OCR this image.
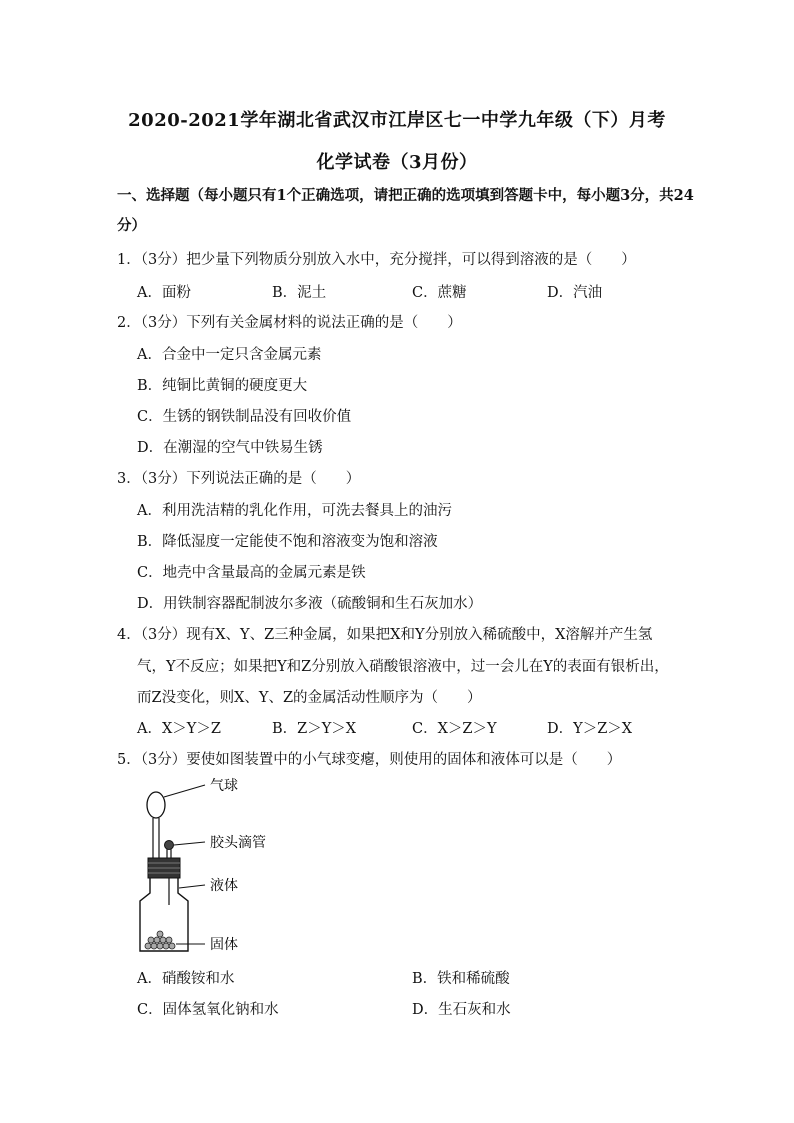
2020-2021学年湖北省武汉市江岸区七一中学九年级（下）月考
化学试卷（3月份）
一、选择题（每小题只有1个正确选项，请把正确的选项填到答题卡中，每小题3分，共24分）
1．（3分）把少量下列物质分别放入水中，充分搅拌，可以得到溶液的是（　　）
A．面粉	B．泥土	C．蔗糖	D．汽油
2．（3分）下列有关金属材料的说法正确的是（　　）
A．合金中一定只含金属元素
B．纯铜比黄铜的硬度更大
C．生锈的钢铁制品没有回收价值
D．在潮湿的空气中铁易生锈
3．（3分）下列说法正确的是（　　）
A．利用洗洁精的乳化作用，可洗去餐具上的油污
B．降低湿度一定能使不饱和溶液变为饱和溶液
C．地壳中含量最高的金属元素是铁
D．用铁制容器配制波尔多液（硫酸铜和生石灰加水）
4．（3分）现有X、Y、Z三种金属，如果把X和Y分别放入稀硫酸中，X溶解并产生氢
气，Y不反应；如果把Y和Z分别放入硝酸银溶液中，过一会儿在Y的表面有银析出，
而Z没变化，则X、Y、Z的金属活动性顺序为（　　）
A．X＞Y＞Z	B．Z＞Y＞X	C．X＞Z＞Y	D．Y＞Z＞X
5．（3分）要使如图装置中的小气球变瘪，则使用的固体和液体可以是（　　）
气球
胶头滴管
液体
固体
A．硝酸铵和水	B．铁和稀硫酸
C．固体氢氧化钠和水	D．生石灰和水
